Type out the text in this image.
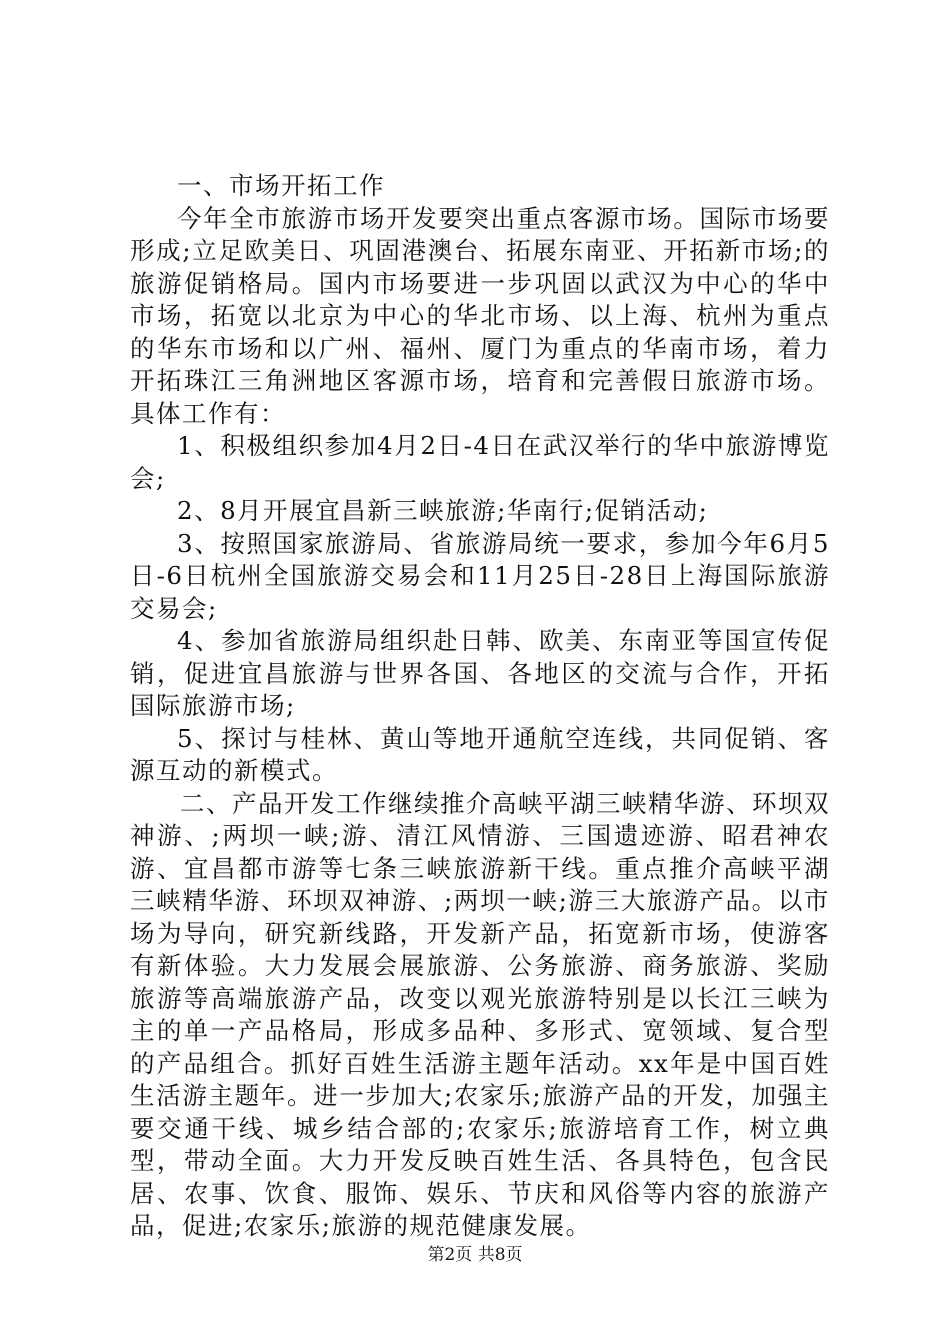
一、市场开拓工作

今年全市旅游市场开发要突出重点客源市场。国际市场要形成;立足欧美日、巩固港澳台、拓展东南亚、开拓新市场;的旅游促销格局。国内市场要进一步巩固以武汉为中心的华中市场，拓宽以北京为中心的华北市场、以上海、杭州为重点的华东市场和以广州、福州、厦门为重点的华南市场，着力开拓珠江三角洲地区客源市场，培育和完善假日旅游市场。具体工作有：

1、积极组织参加4月2日-4日在武汉举行的华中旅游博览会;

2、8月开展宜昌新三峡旅游;华南行;促销活动;

3、按照国家旅游局、省旅游局统一要求，参加今年6月5日-6日杭州全国旅游交易会和11月25日-28日上海国际旅游交易会;

4、参加省旅游局组织赴日韩、欧美、东南亚等国宣传促销，促进宜昌旅游与世界各国、各地区的交流与合作，开拓国际旅游市场;

5、探讨与桂林、黄山等地开通航空连线，共同促销、客源互动的新模式。

二、产品开发工作继续推介高峡平湖三峡精华游、环坝双神游、;两坝一峡;游、清江风情游、三国遗迹游、昭君神农游、宜昌都市游等七条三峡旅游新干线。重点推介高峡平湖三峡精华游、环坝双神游、;两坝一峡;游三大旅游产品。以市场为导向，研究新线路，开发新产品，拓宽新市场，使游客有新体验。大力发展会展旅游、公务旅游、商务旅游、奖励旅游等高端旅游产品，改变以观光旅游特别是以长江三峡为主的单一产品格局，形成多品种、多形式、宽领域、复合型的产品组合。抓好百姓生活游主题年活动。xx年是中国百姓生活游主题年。进一步加大;农家乐;旅游产品的开发，加强主要交通干线、城乡结合部的;农家乐;旅游培育工作，树立典型，带动全面。大力开发反映百姓生活、各具特色，包含民居、农事、饮食、服饰、娱乐、节庆和风俗等内容的旅游产品，促进;农家乐;旅游的规范健康发展。

第2页 共8页
